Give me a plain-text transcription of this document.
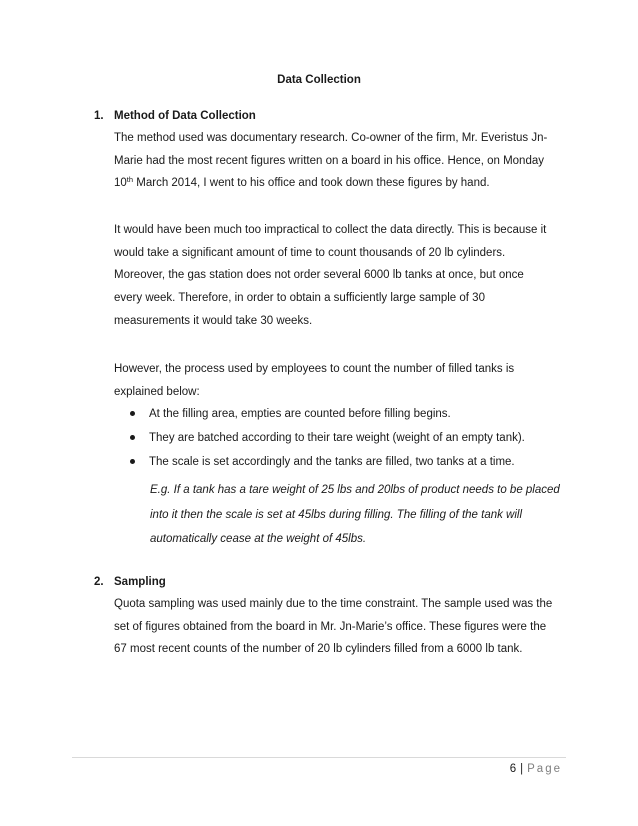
Data Collection
1. Method of Data Collection

The method used was documentary research. Co-owner of the firm, Mr. Everistus Jn-Marie had the most recent figures written on a board in his office. Hence, on Monday 10th March 2014, I went to his office and took down these figures by hand.

It would have been much too impractical to collect the data directly. This is because it would take a significant amount of time to count thousands of 20 lb cylinders. Moreover, the gas station does not order several 6000 lb tanks at once, but once every week. Therefore, in order to obtain a sufficiently large sample of 30 measurements it would take 30 weeks.

However, the process used by employees to count the number of filled tanks is explained below:

At the filling area, empties are counted before filling begins.
They are batched according to their tare weight (weight of an empty tank).
The scale is set accordingly and the tanks are filled, two tanks at a time.

E.g. If a tank has a tare weight of 25 lbs and 20lbs of product needs to be placed into it then the scale is set at 45lbs during filling. The filling of the tank will automatically cease at the weight of 45lbs.

2. Sampling

Quota sampling was used mainly due to the time constraint. The sample used was the set of figures obtained from the board in Mr. Jn-Marie’s office. These figures were the 67 most recent counts of the number of 20 lb cylinders filled from a 6000 lb tank.

6 | Page
